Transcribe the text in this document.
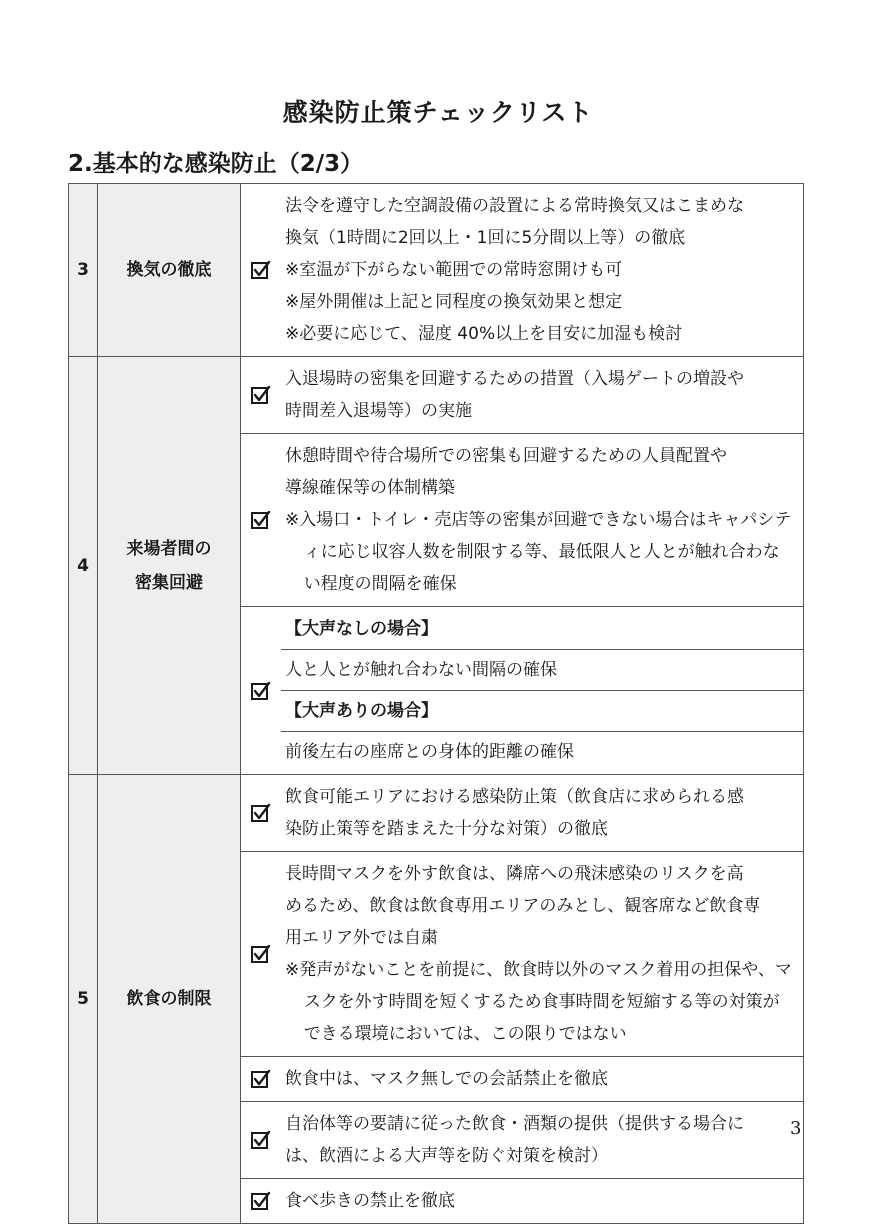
感染防止策チェックリスト
2.基本的な感染防止（2/3）
3	換気の徹底		法令を遵守した空調設備の設置による常時換気又はこまめな
換気（1時間に2回以上・1回に5分間以上等）の徹底
※室温が下がらない範囲での常時窓開けも可
※屋外開催は上記と同程度の換気効果と想定
※必要に応じて、湿度 40%以上を目安に加湿も検討

4	来場者間の
密集回避		入退場時の密集を回避するための措置（入場ゲートの増設や
時間差入退場等）の実施

休憩時間や待合場所での密集も回避するための人員配置や
導線確保等の体制構築
※入場口・トイレ・売店等の密集が回避できない場合はキャパシティに応じ収容人数を制限する等、最低限人と人とが触れ合わない程度の間隔を確保

【大声なしの場合】
人と人とが触れ合わない間隔の確保
【大声ありの場合】
前後左右の座席との身体的距離の確保

5	飲食の制限		飲食可能エリアにおける感染防止策（飲食店に求められる感
染防止策等を踏まえた十分な対策）の徹底

長時間マスクを外す飲食は、隣席への飛沫感染のリスクを高
めるため、飲食は飲食専用エリアのみとし、観客席など飲食専
用エリア外では自粛
※発声がないことを前提に、飲食時以外のマスク着用の担保や、マスクを外す時間を短くするため食事時間を短縮する等の対策ができる環境においては、この限りではない

飲食中は、マスク無しでの会話禁止を徹底

自治体等の要請に従った飲食・酒類の提供（提供する場合に
は、飲酒による大声等を防ぐ対策を検討）

食べ歩きの禁止を徹底
3
